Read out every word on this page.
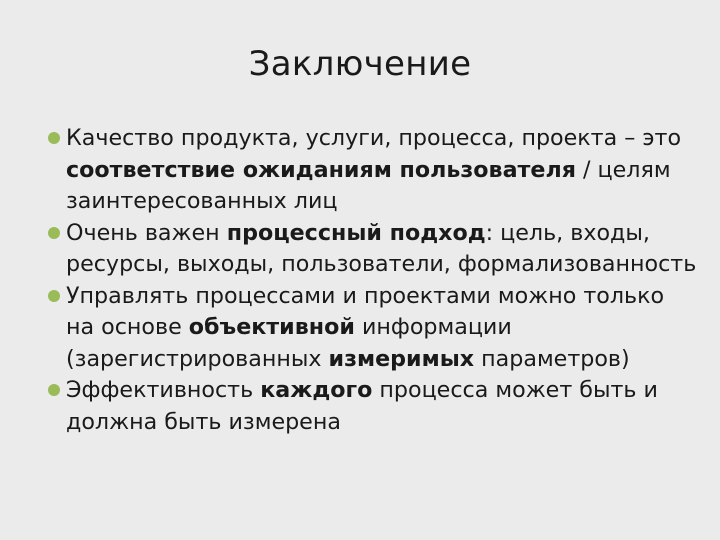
Заключение
Качество продукта, услуги, процесса, проекта – это соответствие ожиданиям пользователя / целям заинтересованных лиц
Очень важен процессный подход: цель, входы, ресурсы, выходы, пользователи, формализованность
Управлять процессами и проектами можно только на основе объективной информации (зарегистрированных измеримых параметров)
Эффективность каждого процесса может быть и должна быть измерена
